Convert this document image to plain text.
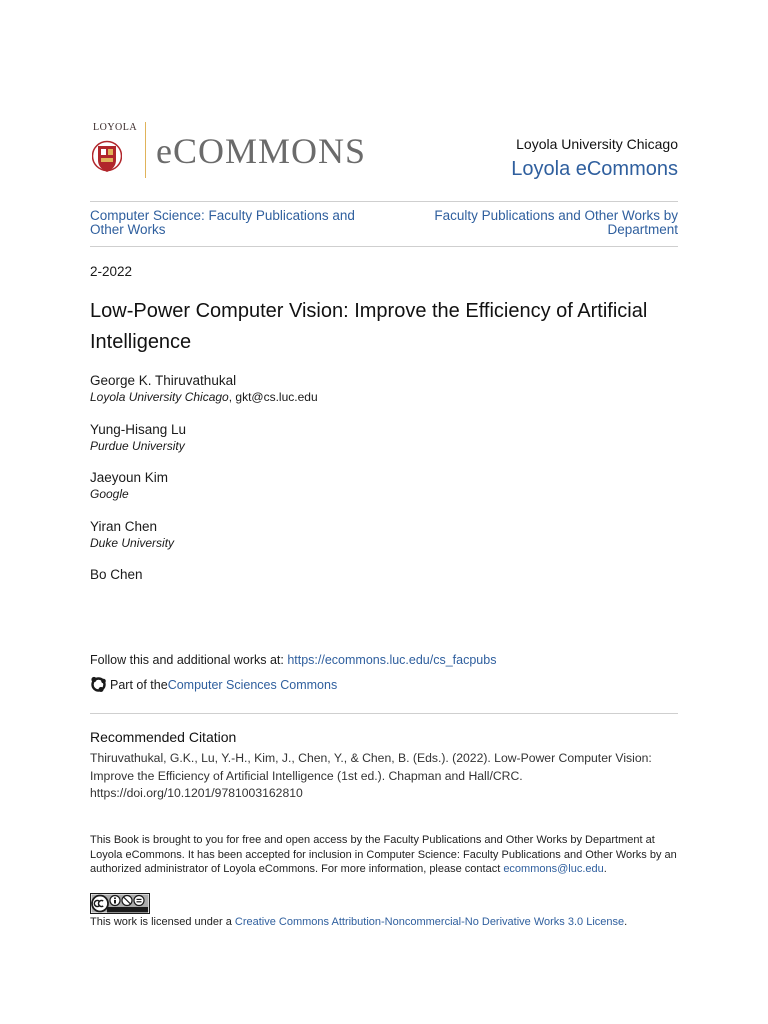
LOYOLA
eCOMMONS	Loyola University Chicago
Loyola eCommons
Computer Science: Faculty Publications and Other Works
Faculty Publications and Other Works by Department
2-2022
Low-Power Computer Vision: Improve the Efficiency of Artificial Intelligence
George K. Thiruvathukal
Loyola University Chicago, gkt@cs.luc.edu
Yung-Hisang Lu
Purdue University
Jaeyoun Kim
Google
Yiran Chen
Duke University
Bo Chen
Follow this and additional works at: https://ecommons.luc.edu/cs_facpubs
Part of the Computer Sciences Commons
Recommended Citation
Thiruvathukal, G.K., Lu, Y.-H., Kim, J., Chen, Y., & Chen, B. (Eds.). (2022). Low-Power Computer Vision: Improve the Efficiency of Artificial Intelligence (1st ed.). Chapman and Hall/CRC. https://doi.org/10.1201/9781003162810
This Book is brought to you for free and open access by the Faculty Publications and Other Works by Department at Loyola eCommons. It has been accepted for inclusion in Computer Science: Faculty Publications and Other Works by an authorized administrator of Loyola eCommons. For more information, please contact ecommons@luc.edu.
This work is licensed under a Creative Commons Attribution-Noncommercial-No Derivative Works 3.0 License.
